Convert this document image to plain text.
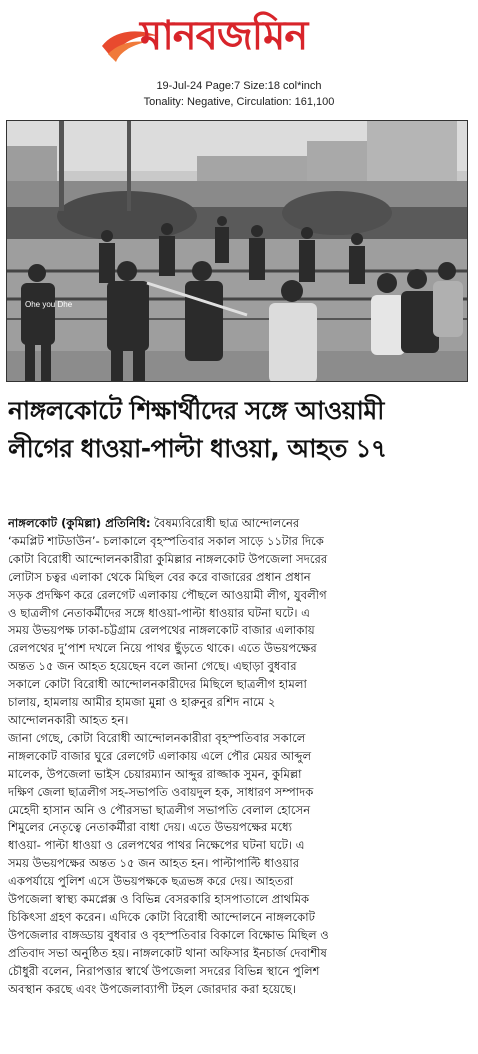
মানবজমিন
19-Jul-24 Page:7 Size:18 col*inch
Tonality: Negative, Circulation: 161,100
Ohe you Dhe
নাঙ্গলকোটে শিক্ষার্থীদের সঙ্গে আওয়ামী
লীগের ধাওয়া-পাল্টা ধাওয়া, আহত ১৭
নাঙ্গলকোট (কুমিল্লা) প্রতিনিধি: বৈষম্যবিরোধী ছাত্র আন্দোলনের
‘কমপ্লিট শাটডাউন’- চলাকালে বৃহস্পতিবার সকাল সাড়ে ১১টার দিকে
কোটা বিরোধী আন্দোলনকারীরা কুমিল্লার নাঙ্গলকোট উপজেলা সদরের
লোটাস চত্বর এলাকা থেকে মিছিল বের করে বাজারের প্রধান প্রধান
সড়ক প্রদক্ষিণ করে রেলগেট এলাকায় পৌছলে আওয়ামী লীগ, যুবলীগ
ও ছাত্রলীগ নেতাকর্মীদের সঙ্গে ধাওয়া-পাল্টা ধাওয়ার ঘটনা ঘটে। এ
সময় উভয়পক্ষ ঢাকা-চট্টগ্রাম রেলপথের নাঙ্গলকোট বাজার এলাকায়
রেলপথের দু’পাশ দখলে নিয়ে পাথর ছুঁড়তে থাকে। এতে উভয়পক্ষের
অন্তত ১৫ জন আহত হয়েছেন বলে জানা গেছে। এছাড়া বুধবার
সকালে কোটা বিরোধী আন্দোলনকারীদের মিছিলে ছাত্রলীগ হামলা
চালায়, হামলায় আমীর হামজা মুন্না ও হারুনুর রশিদ নামে ২
আন্দোলনকারী আহত হন।
জানা গেছে, কোটা বিরোধী আন্দোলনকারীরা বৃহস্পতিবার সকালে
নাঙ্গলকোট বাজার ঘুরে রেলগেট এলাকায় এলে পৌর মেয়র আব্দুল
মালেক, উপজেলা ভাইস চেয়ারম্যান আব্দুর রাজ্জাক সুমন, কুমিল্লা
দক্ষিণ জেলা ছাত্রলীগ সহ-সভাপতি ওবায়দুল হক, সাধারণ সম্পাদক
মেহেদী হাসান অনি ও পৌরসভা ছাত্রলীগ সভাপতি বেলাল হোসেন
শিমুলের নেতৃত্বে নেতাকর্মীরা বাধা দেয়। এতে উভয়পক্ষের মধ্যে
ধাওয়া- পাল্টা ধাওয়া ও রেলপথের পাথর নিক্ষেপের ঘটনা ঘটে। এ
সময় উভয়পক্ষের অন্তত ১৫ জন আহত হন। পাল্টাপাল্টি ধাওয়ার
একপর্যায়ে পুলিশ এসে উভয়পক্ষকে ছত্রভঙ্গ করে দেয়। আহতরা
উপজেলা স্বাস্থ্য কমপ্লেক্স ও বিভিন্ন বেসরকারি হাসপাতালে প্রাথমিক
চিকিৎসা গ্রহণ করেন। এদিকে কোটা বিরোধী আন্দোলনে নাঙ্গলকোট
উপজেলার বাঙ্গড্ডায় বুধবার ও বৃহস্পতিবার বিকালে বিক্ষোভ মিছিল ও
প্রতিবাদ সভা অনুষ্ঠিত হয়। নাঙ্গলকোট থানা অফিসার ইনচার্জ দেবাশীষ
চৌধুরী বলেন, নিরাপত্তার স্বার্থে উপজেলা সদরের বিভিন্ন স্থানে পুলিশ
অবস্থান করছে এবং উপজেলাব্যাপী টহল জোরদার করা হয়েছে।
